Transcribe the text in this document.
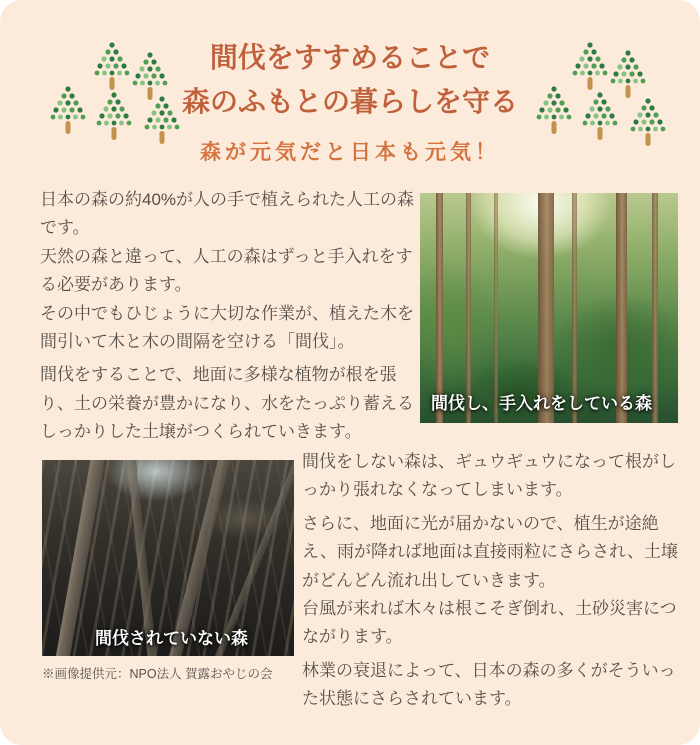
間伐をすすめることで
森のふもとの暮らしを守る
森が元気だと日本も元気！

日本の森の約40%が人の手で植えられた人工の森です。

天然の森と違って、人工の森はずっと手入れをする必要があります。

その中でもひじょうに大切な作業が、植えた木を間引いて木と木の間隔を空ける「間伐」。

間伐をすることで、地面に多様な植物が根を張り、土の栄養が豊かになり、水をたっぷり蓄えるしっかりした土壌がつくられていきます。

間伐し、手入れをしている森
間伐されていない森
※画像提供元：NPO法人 賀露おやじの会

間伐をしない森は、ギュウギュウになって根がしっかり張れなくなってしまいます。

さらに、地面に光が届かないので、植生が途絶え、雨が降れば地面は直接雨粒にさらされ、土壌がどんどん流れ出していきます。

台風が来れば木々は根こそぎ倒れ、土砂災害につながります。

林業の衰退によって、日本の森の多くがそういった状態にさらされています。
